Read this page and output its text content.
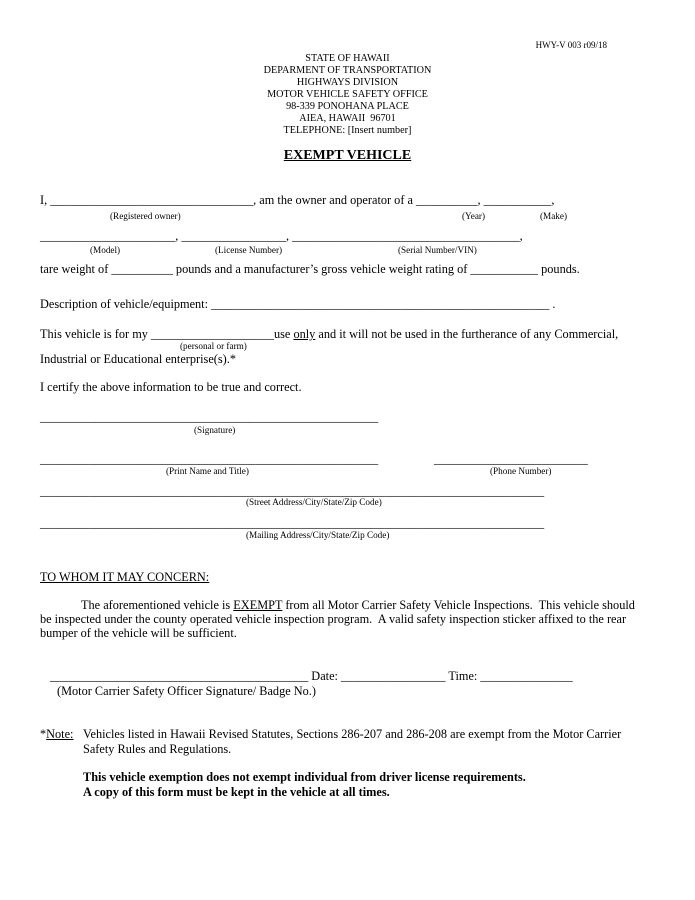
HWY-V 003 r09/18
STATE OF HAWAII
DEPARMENT OF TRANSPORTATION
HIGHWAYS DIVISION
MOTOR VEHICLE SAFETY OFFICE
98-339 PONOHANA PLACE
AIEA, HAWAII  96701
TELEPHONE: [Insert number]
EXEMPT VEHICLE
I, _________________________________, am the owner and operator of a __________, ___________,
(Registered owner)	(Year)	(Make)
______________________, _________________, _____________________________________,
(Model)	(License Number)	(Serial Number/VIN)
tare weight of __________ pounds and a manufacturer’s gross vehicle weight rating of ___________ pounds.
Description of vehicle/equipment: _______________________________________________________ .
This vehicle is for my ____________________use only and it will not be used in the furtherance of any Commercial,
(personal or farm)
Industrial or Educational enterprise(s).*
I certify the above information to be true and correct.
_______________________________________________________
(Signature)
_______________________________________________________	_________________________
(Print Name and Title)	(Phone Number)
__________________________________________________________________________________
(Street Address/City/State/Zip Code)
__________________________________________________________________________________
(Mailing Address/City/State/Zip Code)
TO WHOM IT MAY CONCERN:
The aforementioned vehicle is EXEMPT from all Motor Carrier Safety Vehicle Inspections.  This vehicle should
be inspected under the county operated vehicle inspection program.  A valid safety inspection sticker affixed to the rear
bumper of the vehicle will be sufficient.
__________________________________________ Date: _________________ Time: _______________
(Motor Carrier Safety Officer Signature/ Badge No.)
*Note: Vehicles listed in Hawaii Revised Statutes, Sections 286-207 and 286-208 are exempt from the Motor Carrier
Safety Rules and Regulations.
This vehicle exemption does not exempt individual from driver license requirements.
A copy of this form must be kept in the vehicle at all times.
